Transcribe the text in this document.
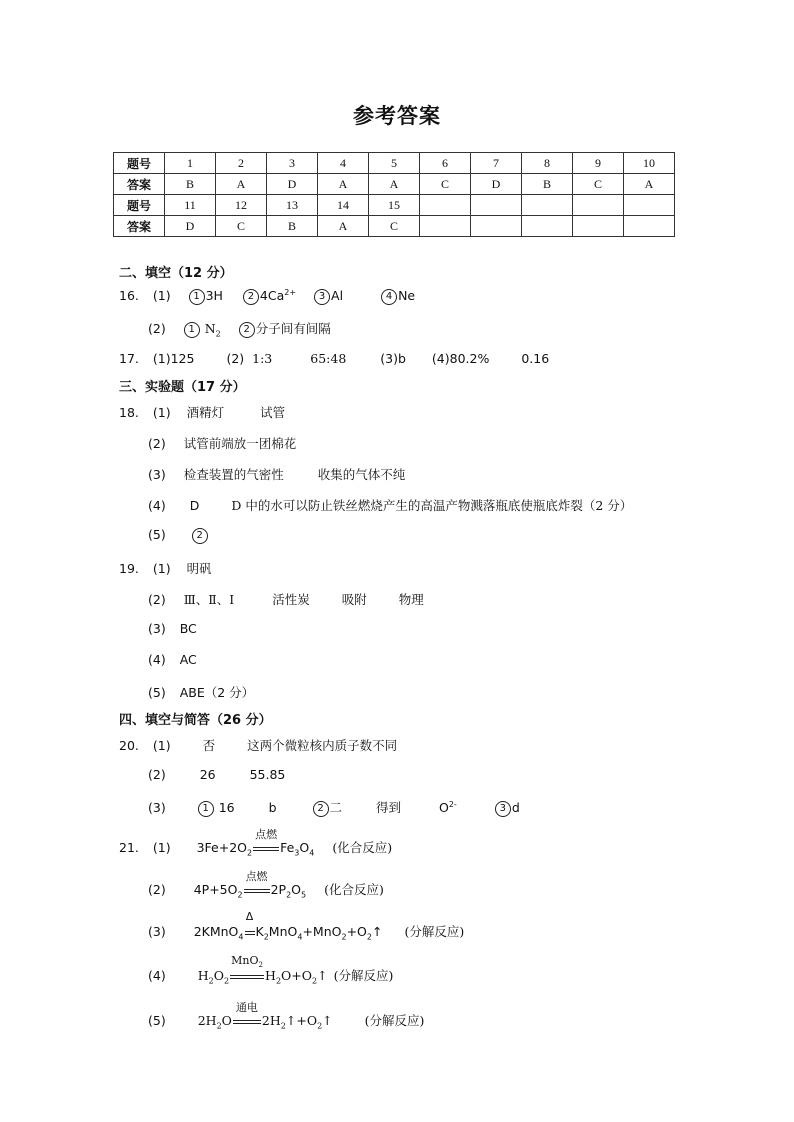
参考答案
题号	1	2	3	4	5	6	7	8	9	10
答案	B	A	D	A	A	C	D	B	C	A
题号	11	12	13	14	15					
答案	D	C	B	A	C					
二、填空（12 分）
16. (1) 1 3H 2 $4Ca^{2+}$ 3 Al	4 Ne
(2) 1 $N_2$ 2 分子间有间隔
17. (1)125	(2) 1:3	65:48	(3)b (4)80.2%	0.16
三、实验题（17 分）
18. (1) 酒精灯	试管
(2) 试管前端放一团棉花
(3) 检查装置的气密性	收集的气体不纯
(4) D	D 中的水可以防止铁丝燃烧产生的高温产物溅落瓶底使瓶底炸裂（2 分）
(5)	2
19. (1) 明矾
(2) Ⅲ、Ⅱ、Ⅰ	活性炭	吸附	物理
(3) BC
(4) AC
(5) ABE（2 分）
四、填空与简答（26 分）
20. (1)	否	这两个微粒核内质子数不同
(2)	26	55.85
(3)	1 16	b	2 二	得到	$O^{2-}$	3 d
21. (1) $3Fe+2O_2$
点燃
$Fe_3O_4$ (化合反应)
(2) $4P+5O_2$
点燃
$2P_2O_5$ (化合反应)
(3) 2KMnO$_4$
Δ
$K_2MnO_4+MnO_2+O_2↑$ (分解反应)
(4)	$H_2O_2$
MnO$_2$
$H_2O+O_2↑$ (分解反应)
(5)	$2H_2O$
通电
$2H_2↑+O_2↑$	(分解反应)
